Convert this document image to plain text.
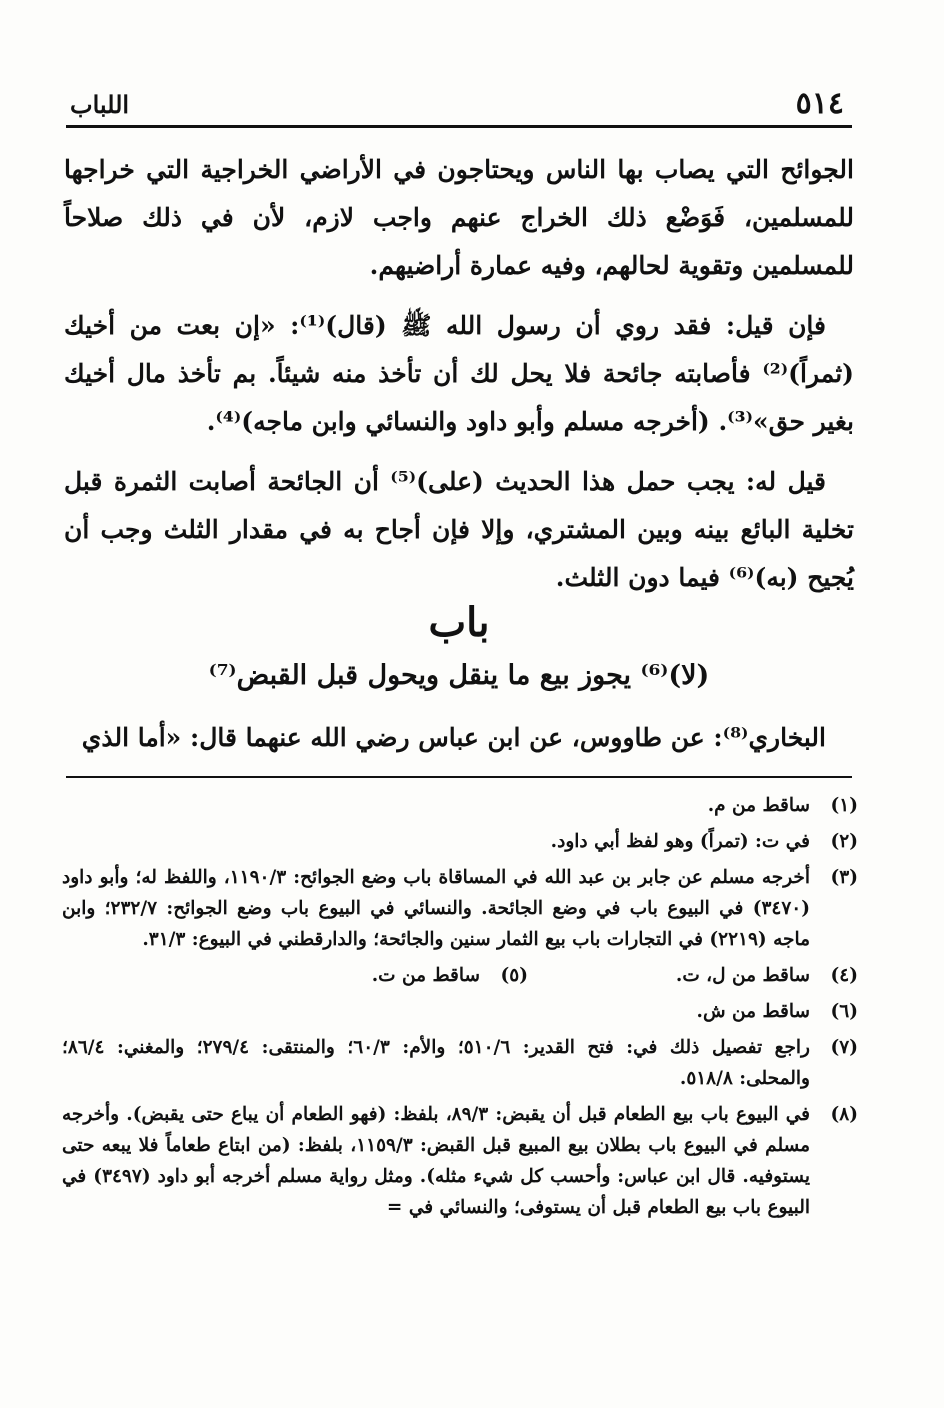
٥١٤
اللباب

الجوائح التي يصاب بها الناس ويحتاجون في الأراضي الخراجية التي خراجها للمسلمين، فَوَضْع ذلك الخراج عنهم واجب لازم، لأن في ذلك صلاحاً للمسلمين وتقوية لحالهم، وفيه عمارة أراضيهم.

فإن قيل: فقد روي أن رسول الله ﷺ (قال)⁽¹⁾: «إن بعت من أخيك (ثمراً)⁽²⁾ فأصابته جائحة فلا يحل لك أن تأخذ منه شيئاً. بم تأخذ مال أخيك بغير حق»⁽³⁾. (أخرجه مسلم وأبو داود والنسائي وابن ماجه)⁽⁴⁾.

قيل له: يجب حمل هذا الحديث (على)⁽⁵⁾ أن الجائحة أصابت الثمرة قبل تخلية البائع بينه وبين المشتري، وإلا فإن أجاح به في مقدار الثلث وجب أن يُجيح (به)⁽⁶⁾ فيما دون الثلث.

باب
(لا)⁽⁶⁾ يجوز بيع ما ينقل ويحول قبل القبض⁽⁷⁾
البخاري⁽⁸⁾: عن طاووس، عن ابن عباس رضي الله عنهما قال: «أما الذي
(١)
ساقط من م.
(٢)
في ت: (تمراً) وهو لفظ أبي داود.
(٣)
أخرجه مسلم عن جابر بن عبد الله في المساقاة باب وضع الجوائح: ١١٩٠/٣، واللفظ له؛ وأبو داود (٣٤٧٠) في البيوع باب في وضع الجائحة. والنسائي في البيوع باب وضع الجوائح: ٢٣٢/٧؛ وابن ماجه (٢٢١٩) في التجارات باب بيع الثمار سنين والجائحة؛ والدارقطني في البيوع: ٣١/٣.
(٤)
ساقط من ل، ت.
(٥)
ساقط من ت.
(٦)
ساقط من ش.
(٧)
راجع تفصيل ذلك في: فتح القدير: ٥١٠/٦؛ والأم: ٦٠/٣؛ والمنتقى: ٢٧٩/٤؛ والمغني: ٨٦/٤؛ والمحلى: ٥١٨/٨.
(٨)
في البيوع باب بيع الطعام قبل أن يقبض: ٨٩/٣، بلفظ: (فهو الطعام أن يباع حتى يقبض). وأخرجه مسلم في البيوع باب بطلان بيع المبيع قبل القبض: ١١٥٩/٣، بلفظ: (من ابتاع طعاماً فلا يبعه حتى يستوفيه. قال ابن عباس: وأحسب كل شيء مثله). ومثل رواية مسلم أخرجه أبو داود (٣٤٩٧) في البيوع باب بيع الطعام قبل أن يستوفى؛ والنسائي في =
